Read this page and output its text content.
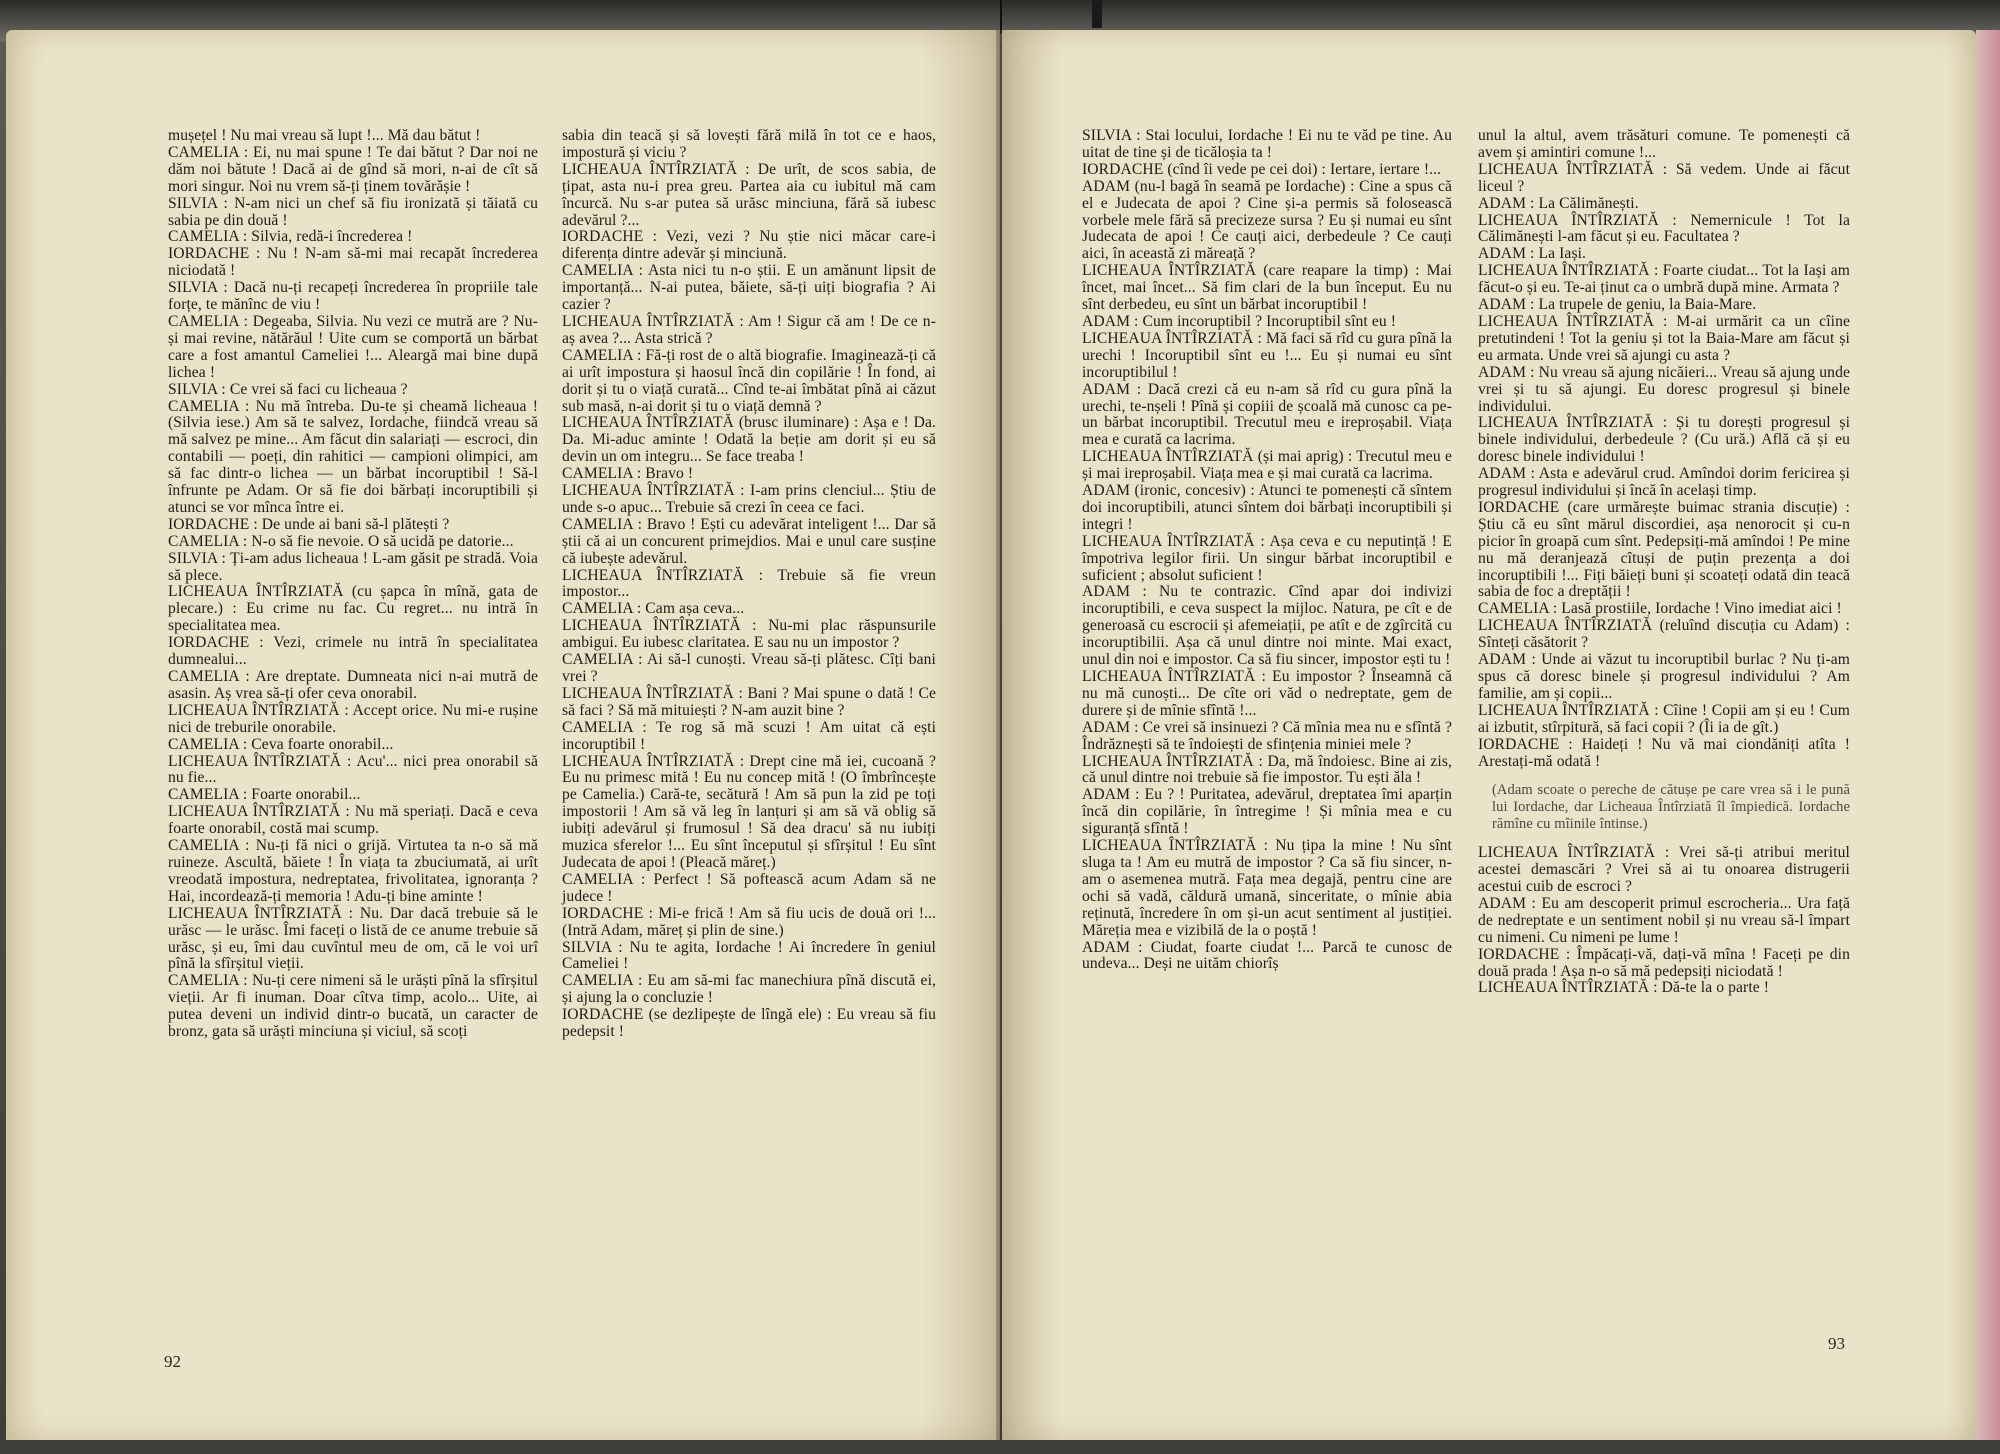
mușețel ! Nu mai vreau să lupt !... Mă dau bătut !

CAMELIA : Ei, nu mai spune ! Te dai bătut ? Dar noi ne dăm noi bătute ! Dacă ai de gînd să mori, n-ai de cît să mori singur. Noi nu vrem să-ți ținem tovărășie !

SILVIA : N-am nici un chef să fiu ironizată și tăiată cu sabia pe din două !

CAMELIA : Silvia, redă-i încrederea !

IORDACHE : Nu ! N-am să-mi mai recapăt încrederea niciodată !

SILVIA : Dacă nu-ți recapeți încrederea în propriile tale forțe, te mănînc de viu !

CAMELIA : Degeaba, Silvia. Nu vezi ce mutră are ? Nu-și mai revine, nătărăul ! Uite cum se comportă un bărbat care a fost amantul Cameliei !... Aleargă mai bine după lichea !

SILVIA : Ce vrei să faci cu licheaua ?

CAMELIA : Nu mă întreba. Du-te și cheamă licheaua ! (Silvia iese.) Am să te salvez, Iordache, fiindcă vreau să mă salvez pe mine... Am făcut din salariați — escroci, din contabili — poeți, din rahitici — campioni olimpici, am să fac dintr-o lichea — un bărbat incoruptibil ! Să-l înfrunte pe Adam. Or să fie doi bărbați incoruptibili și atunci se vor mînca între ei.

IORDACHE : De unde ai bani să-l plătești ?

CAMELIA : N-o să fie nevoie. O să ucidă pe datorie...

SILVIA : Ți-am adus licheaua ! L-am găsit pe stradă. Voia să plece.

LICHEAUA ÎNTÎRZIATĂ (cu șapca în mînă, gata de plecare.) : Eu crime nu fac. Cu regret... nu intră în specialitatea mea.

IORDACHE : Vezi, crimele nu intră în specialitatea dumnealui...

CAMELIA : Are dreptate. Dumneata nici n-ai mutră de asasin. Aș vrea să-ți ofer ceva onorabil.

LICHEAUA ÎNTÎRZIATĂ : Accept orice. Nu mi-e rușine nici de treburile onorabile.

CAMELIA : Ceva foarte onorabil...

LICHEAUA ÎNTÎRZIATĂ : Acu'... nici prea onorabil să nu fie...

CAMELIA : Foarte onorabil...

LICHEAUA ÎNTÎRZIATĂ : Nu mă speriați. Dacă e ceva foarte onorabil, costă mai scump.

CAMELIA : Nu-ți fă nici o grijă. Virtutea ta n-o să mă ruineze. Ascultă, băiete ! În viața ta zbuciumată, ai urît vreodată impostura, nedreptatea, frivolitatea, ignoranța ? Hai, incordează-ți memoria ! Adu-ți bine aminte !

LICHEAUA ÎNTÎRZIATĂ : Nu. Dar dacă trebuie să le urăsc — le urăsc. Îmi faceți o listă de ce anume trebuie să urăsc, și eu, îmi dau cuvîntul meu de om, că le voi urî pînă la sfîrșitul vieții.

CAMELIA : Nu-ți cere nimeni să le urăști pînă la sfîrșitul vieții. Ar fi inuman. Doar cîtva timp, acolo... Uite, ai putea deveni un individ dintr-o bucată, un caracter de bronz, gata să urăști minciuna și viciul, să scoți

sabia din teacă și să lovești fără milă în tot ce e haos, impostură și viciu ?

LICHEAUA ÎNTÎRZIATĂ : De urît, de scos sabia, de țipat, asta nu-i prea greu. Partea aia cu iubitul mă cam încurcă. Nu s-ar putea să urăsc minciuna, fără să iubesc adevărul ?...

IORDACHE : Vezi, vezi ? Nu știe nici măcar care-i diferența dintre adevăr și minciună.

CAMELIA : Asta nici tu n-o știi. E un amănunt lipsit de importanță... N-ai putea, băiete, să-ți uiți biografia ? Ai cazier ?

LICHEAUA ÎNTÎRZIATĂ : Am ! Sigur că am ! De ce n-aș avea ?... Asta strică ?

CAMELIA : Fă-ți rost de o altă biografie. Imaginează-ți că ai urît impostura și haosul încă din copilărie ! În fond, ai dorit și tu o viață curată... Cînd te-ai îmbătat pînă ai căzut sub masă, n-ai dorit și tu o viață demnă ?

LICHEAUA ÎNTÎRZIATĂ (brusc iluminare) : Așa e ! Da. Da. Mi-aduc aminte ! Odată la beție am dorit și eu să devin un om integru... Se face treaba !

CAMELIA : Bravo !

LICHEAUA ÎNTÎRZIATĂ : I-am prins clenciul... Știu de unde s-o apuc... Trebuie să crezi în ceea ce faci.

CAMELIA : Bravo ! Ești cu adevărat inteligent !... Dar să știi că ai un concurent primejdios. Mai e unul care susține că iubește adevărul.

LICHEAUA ÎNTÎRZIATĂ : Trebuie să fie vreun impostor...

CAMELIA : Cam așa ceva...

LICHEAUA ÎNTÎRZIATĂ : Nu-mi plac răspunsurile ambigui. Eu iubesc claritatea. E sau nu un impostor ?

CAMELIA : Ai să-l cunoști. Vreau să-ți plătesc. Cîți bani vrei ?

LICHEAUA ÎNTÎRZIATĂ : Bani ? Mai spune o dată ! Ce să faci ? Să mă mituiești ? N-am auzit bine ?

CAMELIA : Te rog să mă scuzi ! Am uitat că ești incoruptibil !

LICHEAUA ÎNTÎRZIATĂ : Drept cine mă iei, cucoană ? Eu nu primesc mită ! Eu nu concep mită ! (O îmbrîncește pe Camelia.) Cară-te, secătură ! Am să pun la zid pe toți impostorii ! Am să vă leg în lanțuri și am să vă oblig să iubiți adevărul și frumosul ! Să dea dracu' să nu iubiți muzica sferelor !... Eu sînt începutul și sfîrșitul ! Eu sînt Judecata de apoi ! (Pleacă măreț.)

CAMELIA : Perfect ! Să poftească acum Adam să ne judece !

IORDACHE : Mi-e frică ! Am să fiu ucis de două ori !... (Intră Adam, măreț și plin de sine.)

SILVIA : Nu te agita, Iordache ! Ai încredere în geniul Cameliei !

CAMELIA : Eu am să-mi fac manechiura pînă discută ei, și ajung la o concluzie !

IORDACHE (se dezlipește de lîngă ele) : Eu vreau să fiu pedepsit !

92

SILVIA : Stai locului, Iordache ! Ei nu te văd pe tine. Au uitat de tine și de ticăloșia ta !

IORDACHE (cînd îi vede pe cei doi) : Iertare, iertare !...

ADAM (nu-l bagă în seamă pe Iordache) : Cine a spus că el e Judecata de apoi ? Cine și-a permis să folosească vorbele mele fără să precizeze sursa ? Eu și numai eu sînt Judecata de apoi ! Ce cauți aici, derbedeule ? Ce cauți aici, în această zi măreață ?

LICHEAUA ÎNTÎRZIATĂ (care reapare la timp) : Mai încet, mai încet... Să fim clari de la bun început. Eu nu sînt derbedeu, eu sînt un bărbat incoruptibil !

ADAM : Cum incoruptibil ? Incoruptibil sînt eu !

LICHEAUA ÎNTÎRZIATĂ : Mă faci să rîd cu gura pînă la urechi ! Incoruptibil sînt eu !... Eu și numai eu sînt incoruptibilul !

ADAM : Dacă crezi că eu n-am să rîd cu gura pînă la urechi, te-nșeli ! Pînă și copiii de școală mă cunosc ca pe-un bărbat incoruptibil. Trecutul meu e ireproșabil. Viața mea e curată ca lacrima.

LICHEAUA ÎNTÎRZIATĂ (și mai aprig) : Trecutul meu e și mai ireproșabil. Viața mea e și mai curată ca lacrima.

ADAM (ironic, concesiv) : Atunci te pomenești că sîntem doi incoruptibili, atunci sîntem doi bărbați incoruptibili și integri !

LICHEAUA ÎNTÎRZIATĂ : Așa ceva e cu neputință ! E împotriva legilor firii. Un singur bărbat incoruptibil e suficient ; absolut suficient !

ADAM : Nu te contrazic. Cînd apar doi indivizi incoruptibili, e ceva suspect la mijloc. Natura, pe cît e de generoasă cu escrocii și afemeiații, pe atît e de zgîrcită cu incoruptibilii. Așa că unul dintre noi minte. Mai exact, unul din noi e impostor. Ca să fiu sincer, impostor ești tu !

LICHEAUA ÎNTÎRZIATĂ : Eu impostor ? Înseamnă că nu mă cunoști... De cîte ori văd o nedreptate, gem de durere și de mînie sfîntă !...

ADAM : Ce vrei să insinuezi ? Că mînia mea nu e sfîntă ? Îndrăznești să te îndoiești de sfințenia miniei mele ?

LICHEAUA ÎNTÎRZIATĂ : Da, mă îndoiesc. Bine ai zis, că unul dintre noi trebuie să fie impostor. Tu ești ăla !

ADAM : Eu ? ! Puritatea, adevărul, dreptatea îmi aparțin încă din copilărie, în întregime ! Și mînia mea e cu siguranță sfîntă !

LICHEAUA ÎNTÎRZIATĂ : Nu țipa la mine ! Nu sînt sluga ta ! Am eu mutră de impostor ? Ca să fiu sincer, n-am o asemenea mutră. Fața mea degajă, pentru cine are ochi să vadă, căldură umană, sinceritate, o mînie abia reținută, încredere în om și-un acut sentiment al justiției. Măreția mea e vizibilă de la o poștă !

ADAM : Ciudat, foarte ciudat !... Parcă te cunosc de undeva... Deși ne uităm chiorîș

unul la altul, avem trăsături comune. Te pomenești că avem și amintiri comune !...

LICHEAUA ÎNTÎRZIATĂ : Să vedem. Unde ai făcut liceul ?

ADAM : La Călimănești.

LICHEAUA ÎNTÎRZIATĂ : Nemernicule ! Tot la Călimănești l-am făcut și eu. Facultatea ?

ADAM : La Iași.

LICHEAUA ÎNTÎRZIATĂ : Foarte ciudat... Tot la Iași am făcut-o și eu. Te-ai ținut ca o umbră după mine. Armata ?

ADAM : La trupele de geniu, la Baia-Mare.

LICHEAUA ÎNTÎRZIATĂ : M-ai urmărit ca un cîine pretutindeni ! Tot la geniu și tot la Baia-Mare am făcut și eu armata. Unde vrei să ajungi cu asta ?

ADAM : Nu vreau să ajung nicăieri... Vreau să ajung unde vrei și tu să ajungi. Eu doresc progresul și binele individului.

LICHEAUA ÎNTÎRZIATĂ : Și tu dorești progresul și binele individului, derbedeule ? (Cu ură.) Află că și eu doresc binele individului !

ADAM : Asta e adevărul crud. Amîndoi dorim fericirea și progresul individului și încă în același timp.

IORDACHE (care urmărește buimac strania discuție) : Știu că eu sînt mărul discordiei, așa nenorocit și cu-n picior în groapă cum sînt. Pedepsiți-mă amîndoi ! Pe mine nu mă deranjează cîtuși de puțin prezența a doi incoruptibili !... Fiți băieți buni și scoateți odată din teacă sabia de foc a dreptății !

CAMELIA : Lasă prostiile, Iordache ! Vino imediat aici !

LICHEAUA ÎNTÎRZIATĂ (reluînd discuția cu Adam) : Sînteți căsătorit ?

ADAM : Unde ai văzut tu incoruptibil burlac ? Nu ți-am spus că doresc binele și progresul individului ? Am familie, am și copii...

LICHEAUA ÎNTÎRZIATĂ : Cîine ! Copii am și eu ! Cum ai izbutit, stîrpitură, să faci copii ? (Îi ia de gît.)

IORDACHE : Haideți ! Nu vă mai ciondăniți atîta ! Arestați-mă odată !

(Adam scoate o pereche de cătușe pe care vrea să i le pună lui Iordache, dar Licheaua Întîrziată îl împiedică. Iordache rămîne cu mîinile întinse.)

LICHEAUA ÎNTÎRZIATĂ : Vrei să-ți atribui meritul acestei demascări ? Vrei să ai tu onoarea distrugerii acestui cuib de escroci ?

ADAM : Eu am descoperit primul escrocheria... Ura față de nedreptate e un sentiment nobil și nu vreau să-l împart cu nimeni. Cu nimeni pe lume !

IORDACHE : Împăcați-vă, dați-vă mîna ! Faceți pe din două prada ! Așa n-o să mă pedepsiți niciodată !

LICHEAUA ÎNTÎRZIATĂ : Dă-te la o parte !

93
